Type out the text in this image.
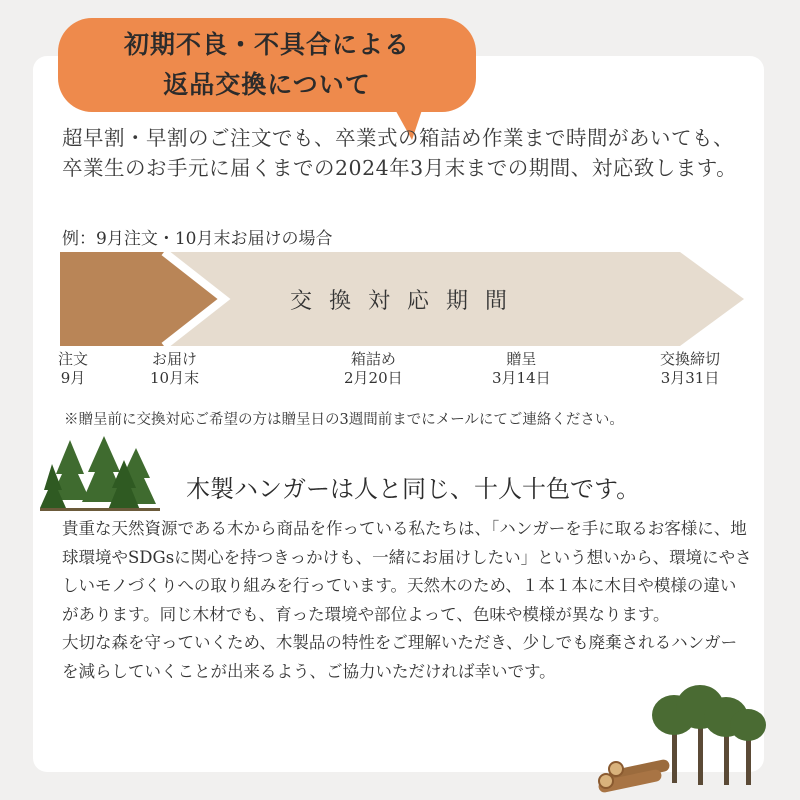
初期不良・不具合による
返品交換について
超早割・早割のご注文でも、卒業式の箱詰め作業まで時間があいても、卒業生のお手元に届くまでの2024年3月末までの期間、対応致します。
例：9月注文・10月末お届けの場合
交換対応期間
注文
9月
お届け
10月末
箱詰め
2月20日
贈呈
3月14日
交換締切
3月31日
※贈呈前に交換対応ご希望の方は贈呈日の3週間前までにメールにてご連絡ください。
木製ハンガーは人と同じ、十人十色です。

貴重な天然資源である木から商品を作っている私たちは、「ハンガーを手に取るお客様に、地球環境やSDGsに関心を持つきっかけも、一緒にお届けしたい」という想いから、環境にやさしいモノづくりへの取り組みを行っています。天然木のため、１本１本に木目や模様の違いがあります。同じ木材でも、育った環境や部位よって、色味や模様が異なります。

大切な森を守っていくため、木製品の特性をご理解いただき、少しでも廃棄されるハンガーを減らしていくことが出来るよう、ご協力いただければ幸いです。
